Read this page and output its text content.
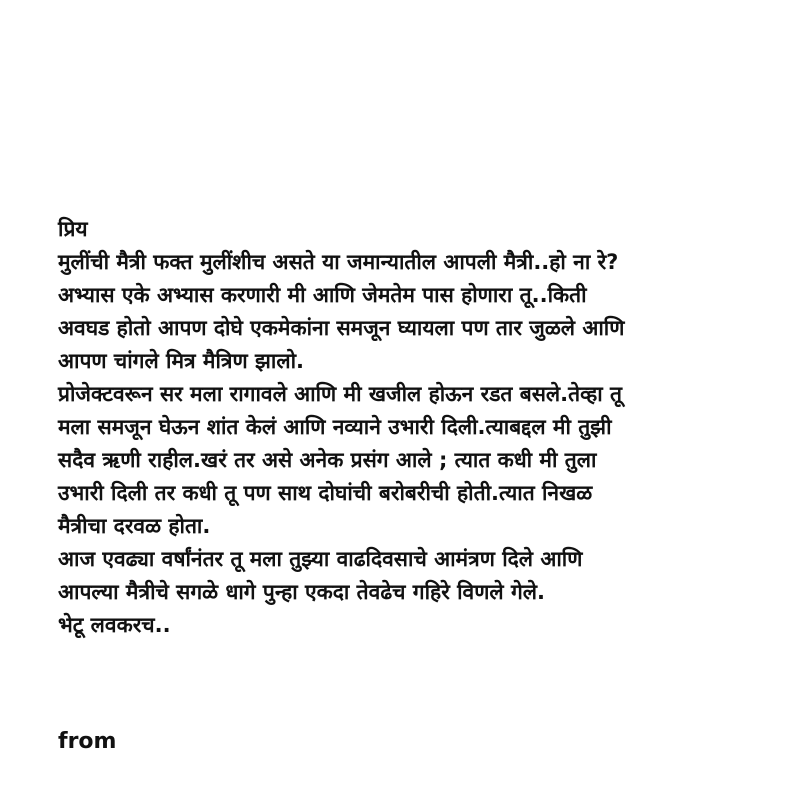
प्रिय
मुलींची मैत्री फक्त मुलींशीच असते या जमान्यातील आपली मैत्री..हो ना रे?
अभ्यास एके अभ्यास करणारी मी आणि जेमतेम पास होणारा तू..किती
अवघड होतो आपण दोघे एकमेकांना समजून घ्यायला पण तार जुळले आणि
आपण चांगले मित्र मैत्रिण झालो.
प्रोजेक्टवरून सर मला रागावले आणि मी खजील होऊन रडत बसले.तेव्हा तू
मला समजून घेऊन शांत केलं आणि नव्याने उभारी दिली.त्याबद्दल मी तुझी
सदैव ऋणी राहील.खरं तर असे अनेक प्रसंग आले ; त्यात कधी मी तुला
उभारी दिली तर कधी तू पण साथ दोघांची बरोबरीची होती.त्यात निखळ
मैत्रीचा दरवळ होता.
आज एवढ्या वर्षांनंतर तू मला तुझ्या वाढदिवसाचे आमंत्रण दिले आणि
आपल्या मैत्रीचे सगळे धागे पुन्हा एकदा तेवढेच गहिरे विणले गेले.
भेटू लवकरच..
from
